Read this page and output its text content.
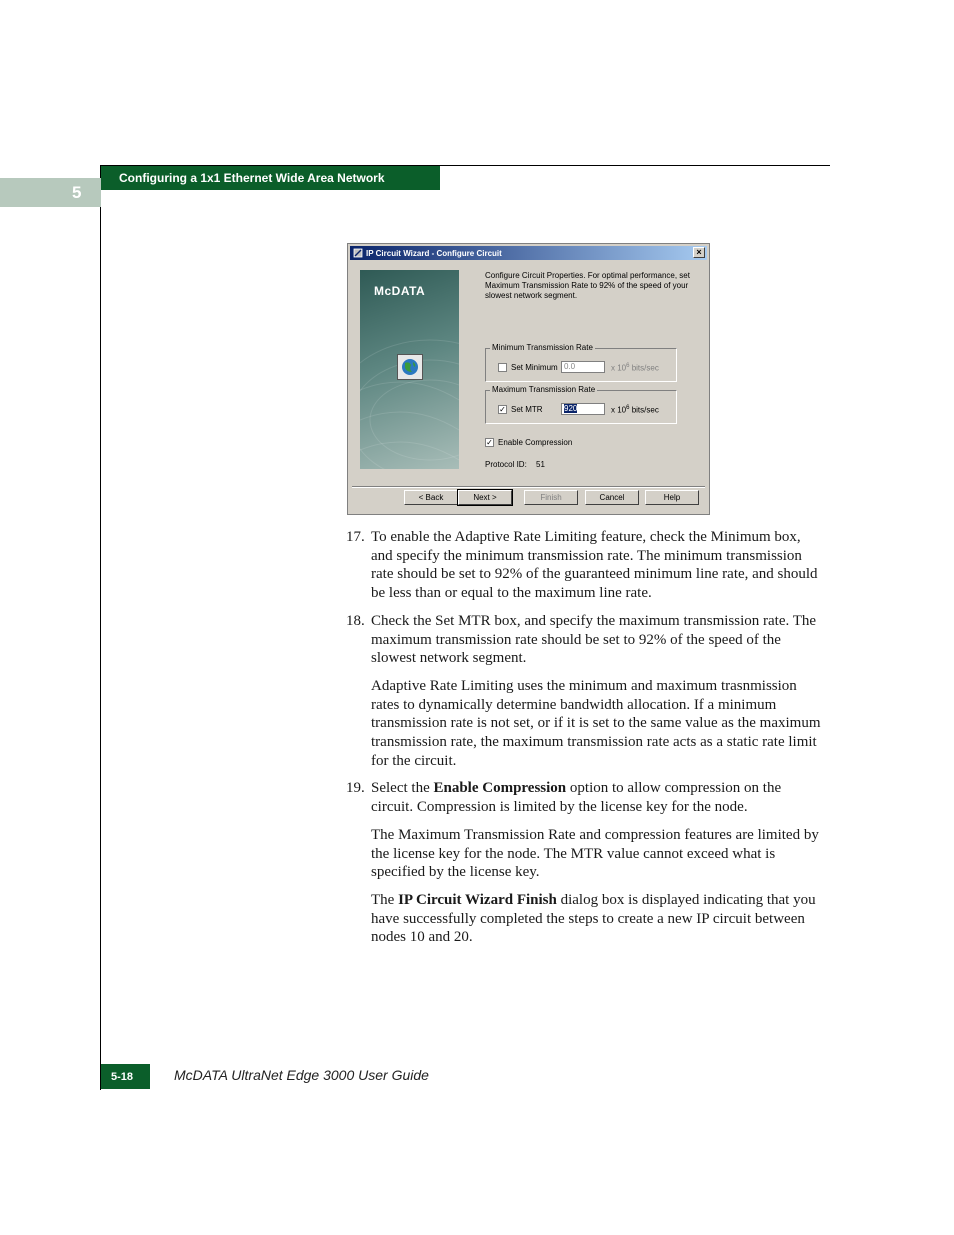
5
Configuring a 1x1 Ethernet Wide Area Network
IP Circuit Wizard - Configure Circuit	×
McDATA
Configure Circuit Properties. For optimal performance, set Maximum Transmission Rate to 92% of the speed of your slowest network segment.
Minimum Transmission Rate
Set Minimum 0.0	x $10^6$ bits/sec
Maximum Transmission Rate
✓ Set MTR	920	x $10^6$ bits/sec
✓ Enable Compression
Protocol ID: 51
< Back	Next >	Finish	Cancel	Help
17. To enable the Adaptive Rate Limiting feature, check the Minimum box, and specify the minimum transmission rate. The minimum transmission rate should be set to 92% of the guaranteed minimum line rate, and should be less than or equal to the maximum line rate.
18. Check the Set MTR box, and specify the maximum transmission rate. The maximum transmission rate should be set to 92% of the speed of the slowest network segment.
Adaptive Rate Limiting uses the minimum and maximum trasnmission rates to dynamically determine bandwidth allocation. If a minimum transmission rate is not set, or if it is set to the same value as the maximum transmission rate, the maximum transmission rate acts as a static rate limit for the circuit.
19. Select the Enable Compression option to allow compression on the circuit. Compression is limited by the license key for the node.
The Maximum Transmission Rate and compression features are limited by the license key for the node. The MTR value cannot exceed what is specified by the license key.
The IP Circuit Wizard Finish dialog box is displayed indicating that you have successfully completed the steps to create a new IP circuit between nodes 10 and 20.
5-18	McDATA UltraNet Edge 3000 User Guide
